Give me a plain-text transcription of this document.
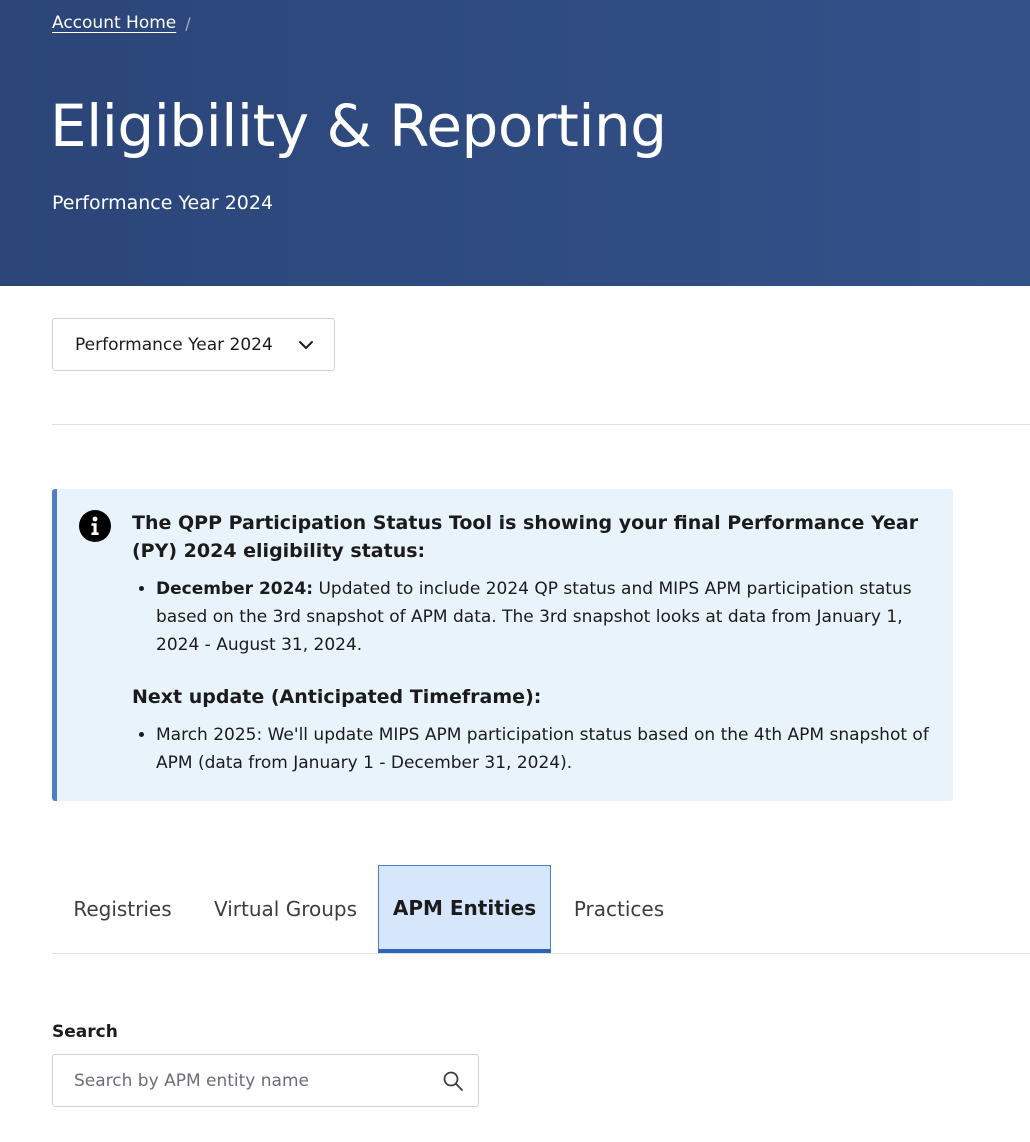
Account Home /
Eligibility & Reporting
Performance Year 2024
Performance Year 2024
The QPP Participation Status Tool is showing your final Performance Year (PY) 2024 eligibility status:
• December 2024: Updated to include 2024 QP status and MIPS APM participation status based on the 3rd snapshot of APM data. The 3rd snapshot looks at data from January 1, 2024 - August 31, 2024.
Next update (Anticipated Timeframe):
• March 2025: We'll update MIPS APM participation status based on the 4th APM snapshot of APM (data from January 1 - December 31, 2024).
Registries	Virtual Groups	APM Entities	Practices
Search
Search by APM entity name
